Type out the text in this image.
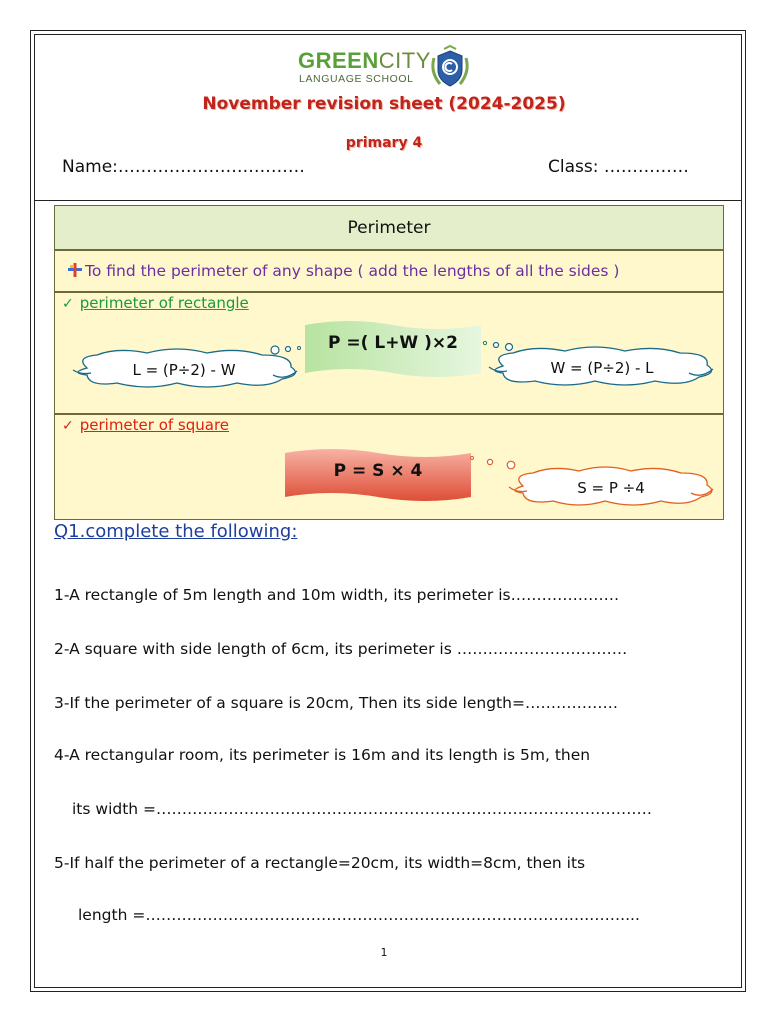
GREENCITY
LANGUAGE SCHOOL
November revision sheet (2024-2025)
primary 4
Name:……………………………	Class: ……………
Perimeter
To find the perimeter of any shape ( add the lengths of all the sides )
✓ perimeter of rectangle
L = (P÷2) - W
P =( L+W )×2
W = (P÷2) - L
✓ perimeter of square
P = S × 4
S = P ÷4
Q1.complete the following:
1-A rectangle of 5m length and 10m width, its perimeter is…………………
2-A square with side length of 6cm, its perimeter is ……………………………
3-If the perimeter of a square is 20cm, Then its side length=………………
4-A rectangular room, its perimeter is 16m and its length is 5m, then
its width =……………………………………………………………………………………
5-If half the perimeter of a rectangle=20cm, its width=8cm, then its
length =……………………………………………………………………….….……....
1
